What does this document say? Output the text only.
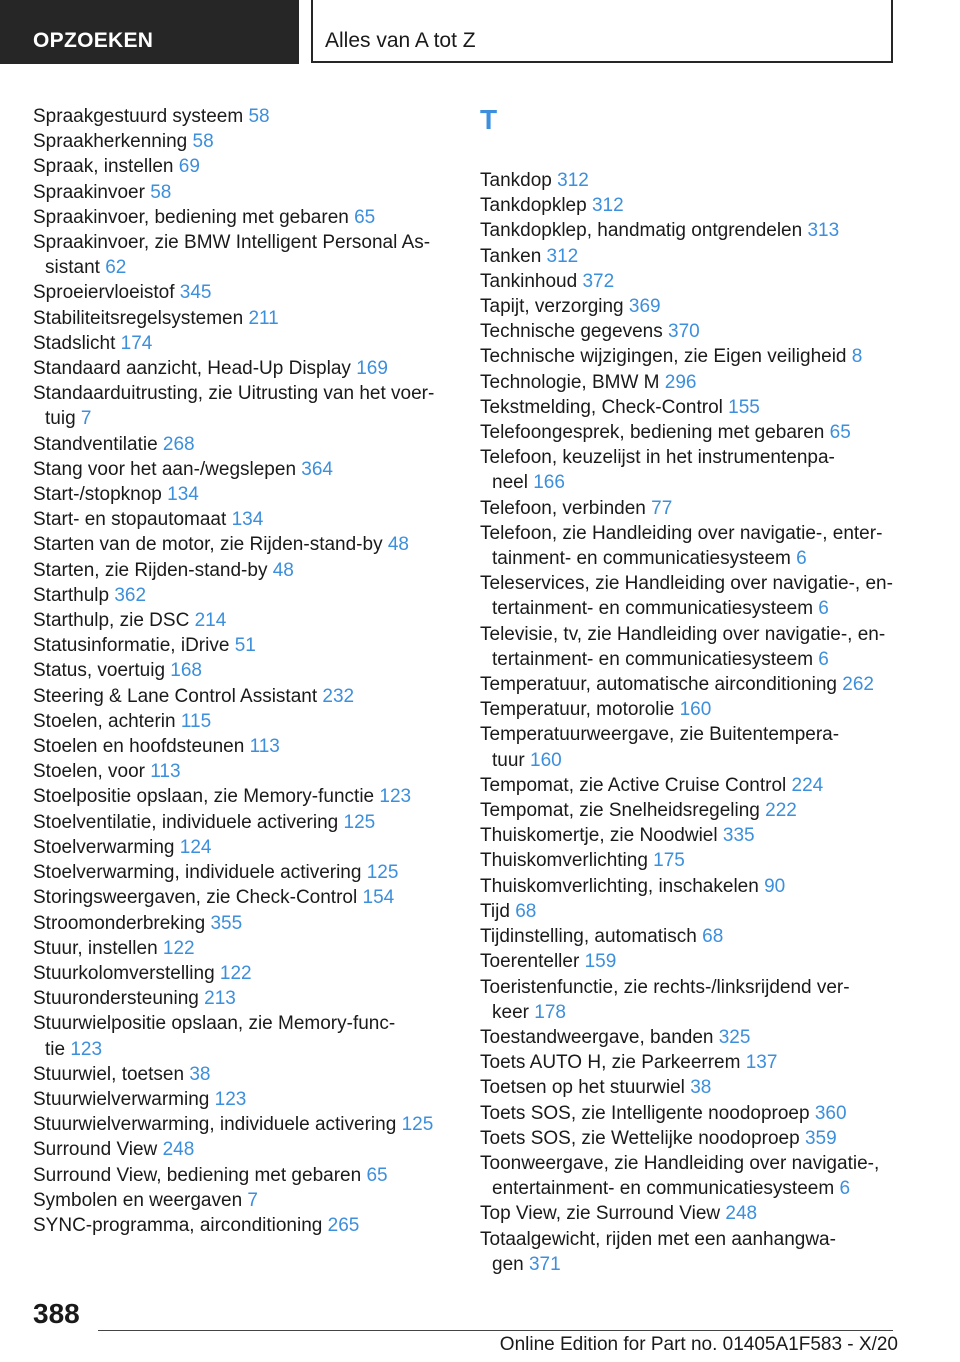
OPZOEKEN	Alles van A tot Z
Spraakgestuurd systeem 58
Spraakherkenning 58
Spraak, instellen 69
Spraakinvoer 58
Spraakinvoer, bediening met gebaren 65
Spraakinvoer, zie BMW Intelligent Personal As-
sistant 62
Sproeiervloeistof 345
Stabiliteitsregelsystemen 211
Stadslicht 174
Standaard aanzicht, Head-Up Display 169
Standaarduitrusting, zie Uitrusting van het voer-
tuig 7
Standventilatie 268
Stang voor het aan-/wegslepen 364
Start-/stopknop 134
Start- en stopautomaat 134
Starten van de motor, zie Rijden-stand-by 48
Starten, zie Rijden-stand-by 48
Starthulp 362
Starthulp, zie DSC 214
Statusinformatie, iDrive 51
Status, voertuig 168
Steering & Lane Control Assistant 232
Stoelen, achterin 115
Stoelen en hoofdsteunen 113
Stoelen, voor 113
Stoelpositie opslaan, zie Memory-functie 123
Stoelventilatie, individuele activering 125
Stoelverwarming 124
Stoelverwarming, individuele activering 125
Storingsweergaven, zie Check-Control 154
Stroomonderbreking 355
Stuur, instellen 122
Stuurkolomverstelling 122
Stuurondersteuning 213
Stuurwielpositie opslaan, zie Memory-func-
tie 123
Stuurwiel, toetsen 38
Stuurwielverwarming 123
Stuurwielverwarming, individuele activering 125
Surround View 248
Surround View, bediening met gebaren 65
Symbolen en weergaven 7
SYNC-programma, airconditioning 265
T
Tankdop 312
Tankdopklep 312
Tankdopklep, handmatig ontgrendelen 313
Tanken 312
Tankinhoud 372
Tapijt, verzorging 369
Technische gegevens 370
Technische wijzigingen, zie Eigen veiligheid 8
Technologie, BMW M 296
Tekstmelding, Check-Control 155
Telefoongesprek, bediening met gebaren 65
Telefoon, keuzelijst in het instrumentenpa-
neel 166
Telefoon, verbinden 77
Telefoon, zie Handleiding over navigatie-, enter-
tainment- en communicatiesysteem 6
Teleservices, zie Handleiding over navigatie-, en-
tertainment- en communicatiesysteem 6
Televisie, tv, zie Handleiding over navigatie-, en-
tertainment- en communicatiesysteem 6
Temperatuur, automatische airconditioning 262
Temperatuur, motorolie 160
Temperatuurweergave, zie Buitentempera-
tuur 160
Tempomat, zie Active Cruise Control 224
Tempomat, zie Snelheidsregeling 222
Thuiskomertje, zie Noodwiel 335
Thuiskomverlichting 175
Thuiskomverlichting, inschakelen 90
Tijd 68
Tijdinstelling, automatisch 68
Toerenteller 159
Toeristenfunctie, zie rechts-/linksrijdend ver-
keer 178
Toestandweergave, banden 325
Toets AUTO H, zie Parkeerrem 137
Toetsen op het stuurwiel 38
Toets SOS, zie Intelligente noodoproep 360
Toets SOS, zie Wettelijke noodoproep 359
Toonweergave, zie Handleiding over navigatie-,
entertainment- en communicatiesysteem 6
Top View, zie Surround View 248
Totaalgewicht, rijden met een aanhangwa-
gen 371
388
Online Edition for Part no. 01405A1F583 - X/20
